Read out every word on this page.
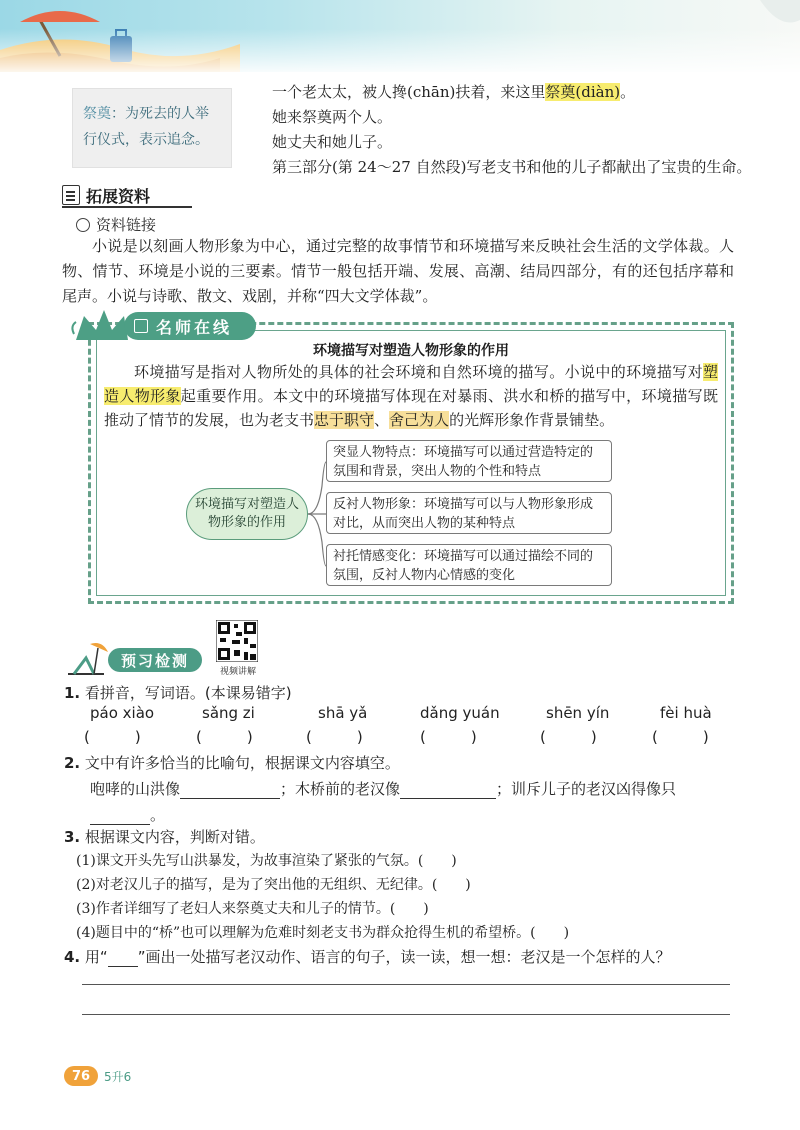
祭奠：为死去的人举行仪式，表示追念。
一个老太太，被人搀(chān)扶着，来这里祭奠(diàn)。
她来祭奠两个人。
她丈夫和她儿子。
第三部分(第 24～27 自然段)写老支书和他的儿子都献出了宝贵的生命。
拓展资料
资料链接
小说是以刻画人物形象为中心，通过完整的故事情节和环境描写来反映社会生活的文学体裁。人物、情节、环境是小说的三要素。情节一般包括开端、发展、高潮、结局四部分，有的还包括序幕和尾声。小说与诗歌、散文、戏剧，并称“四大文学体裁”。
名师在线
环境描写对塑造人物形象的作用
环境描写是指对人物所处的具体的社会环境和自然环境的描写。小说中的环境描写对塑造人物形象起重要作用。本文中的环境描写体现在对暴雨、洪水和桥的描写中，环境描写既推动了情节的发展，也为老支书忠于职守、舍己为人的光辉形象作背景铺垫。
环境描写对塑造人物形象的作用
突显人物特点：环境描写可以通过营造特定的氛围和背景，突出人物的个性和特点
反衬人物形象：环境描写可以与人物形象形成对比，从而突出人物的某种特点
衬托情感变化：环境描写可以通过描绘不同的氛围，反衬人物内心情感的变化
预习检测
视频讲解
1. 看拼音，写词语。(本课易错字)
páo xiào	sǎng zi	shā yǎ	dǎng yuán	shēn yín	fèi huà
(　　　)	(　　　)	(　　　)	(　　　)	(　　　)	(　　　)
2. 文中有许多恰当的比喻句，根据课文内容填空。
咆哮的山洪像	；木桥前的老汉像	；训斥儿子的老汉凶得像只
。
3. 根据课文内容，判断对错。
(1)课文开头先写山洪暴发，为故事渲染了紧张的气氛。(　　)
(2)对老汉儿子的描写，是为了突出他的无组织、无纪律。(　　)
(3)作者详细写了老妇人来祭奠丈夫和儿子的情节。(　　)
(4)题目中的“桥”也可以理解为危难时刻老支书为群众抢得生机的希望桥。(　　)
4. 用“ ”画出一处描写老汉动作、语言的句子，读一读，想一想：老汉是一个怎样的人？
76	5升6
